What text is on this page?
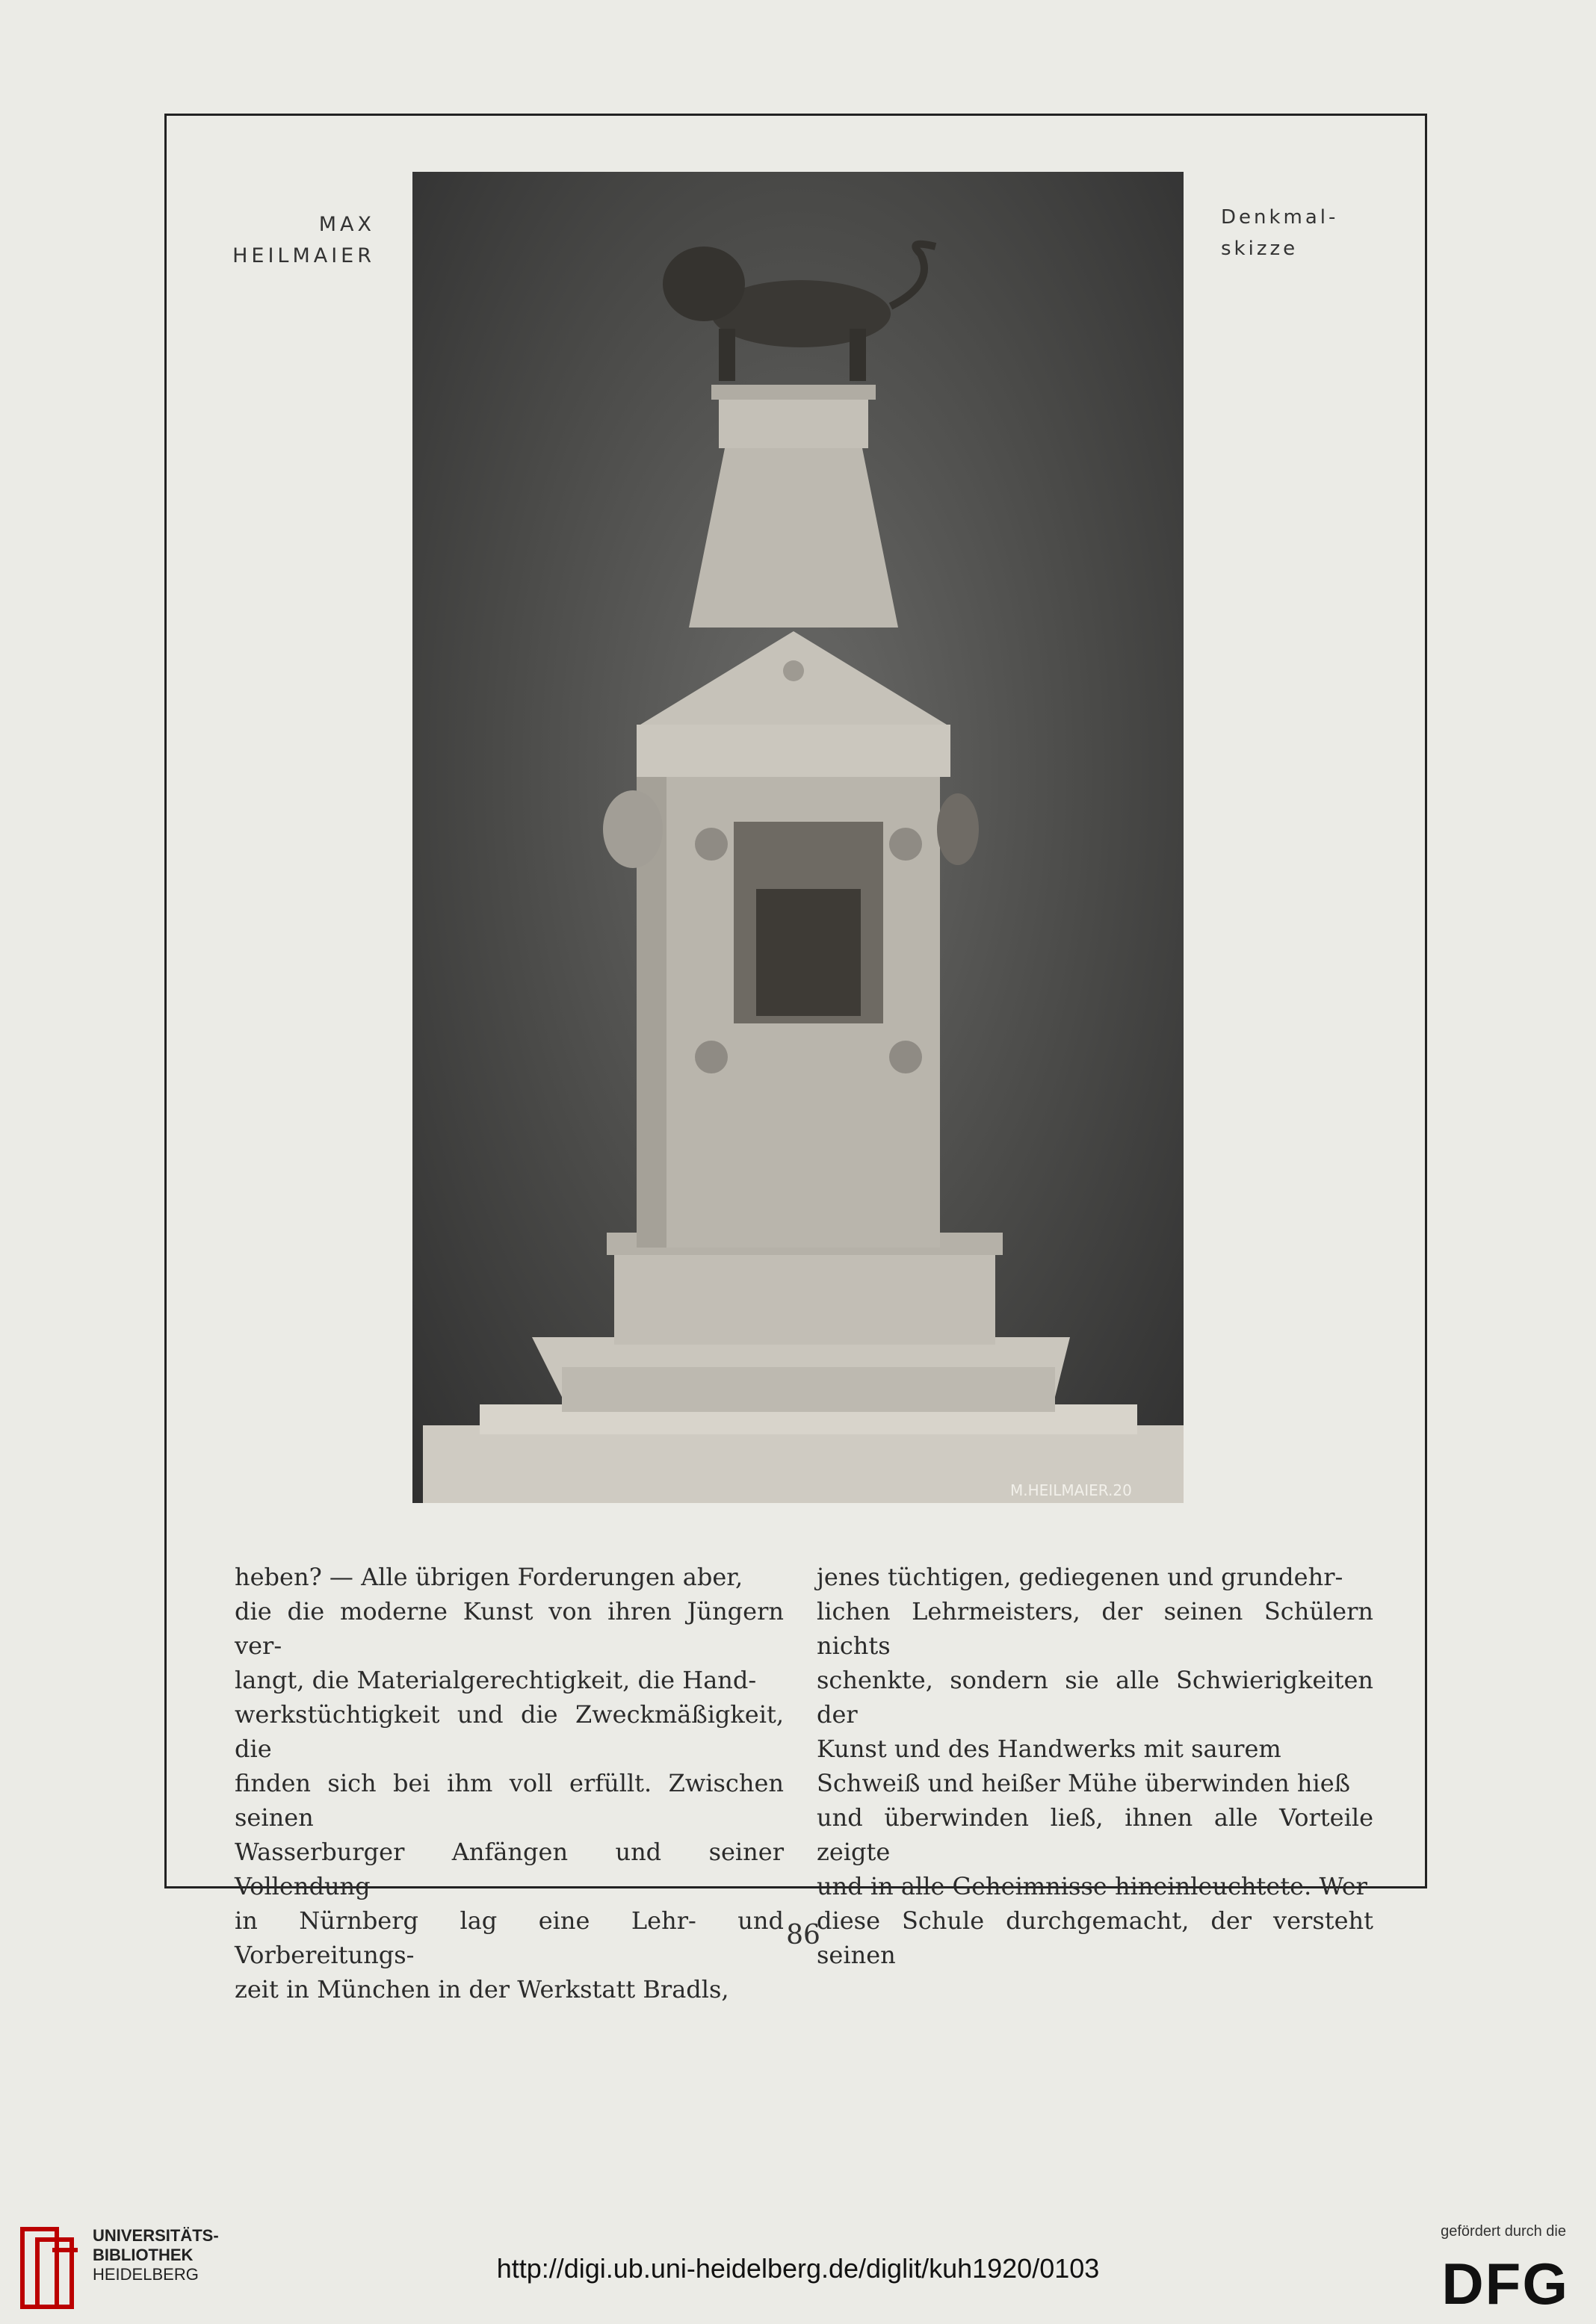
MAX
HEILMAIER
Denkmal-
skizze
M.HEILMAIER.20

heben? — Alle übrigen Forderungen aber,

die die moderne Kunst von ihren Jüngern ver-

langt, die Materialgerechtigkeit, die Hand-

werkstüchtigkeit und die Zweckmäßigkeit, die

finden sich bei ihm voll erfüllt. Zwischen seinen

Wasserburger Anfängen und seiner Vollendung

in Nürnberg lag eine Lehr- und Vorbereitungs-

zeit in München in der Werkstatt Bradls,

jenes tüchtigen, gediegenen und grundehr-

lichen Lehrmeisters, der seinen Schülern nichts

schenkte, sondern sie alle Schwierigkeiten der

Kunst und des Handwerks mit saurem

Schweiß und heißer Mühe überwinden hieß

und überwinden ließ, ihnen alle Vorteile zeigte

und in alle Geheimnisse hineinleuchtete. Wer

diese Schule durchgemacht, der versteht seinen

86
UNIVERSITÄTS-
BIBLIOTHEK
HEIDELBERG	http://digi.ub.uni-heidelberg.de/diglit/kuh1920/0103
gefördert durch die
DFG
